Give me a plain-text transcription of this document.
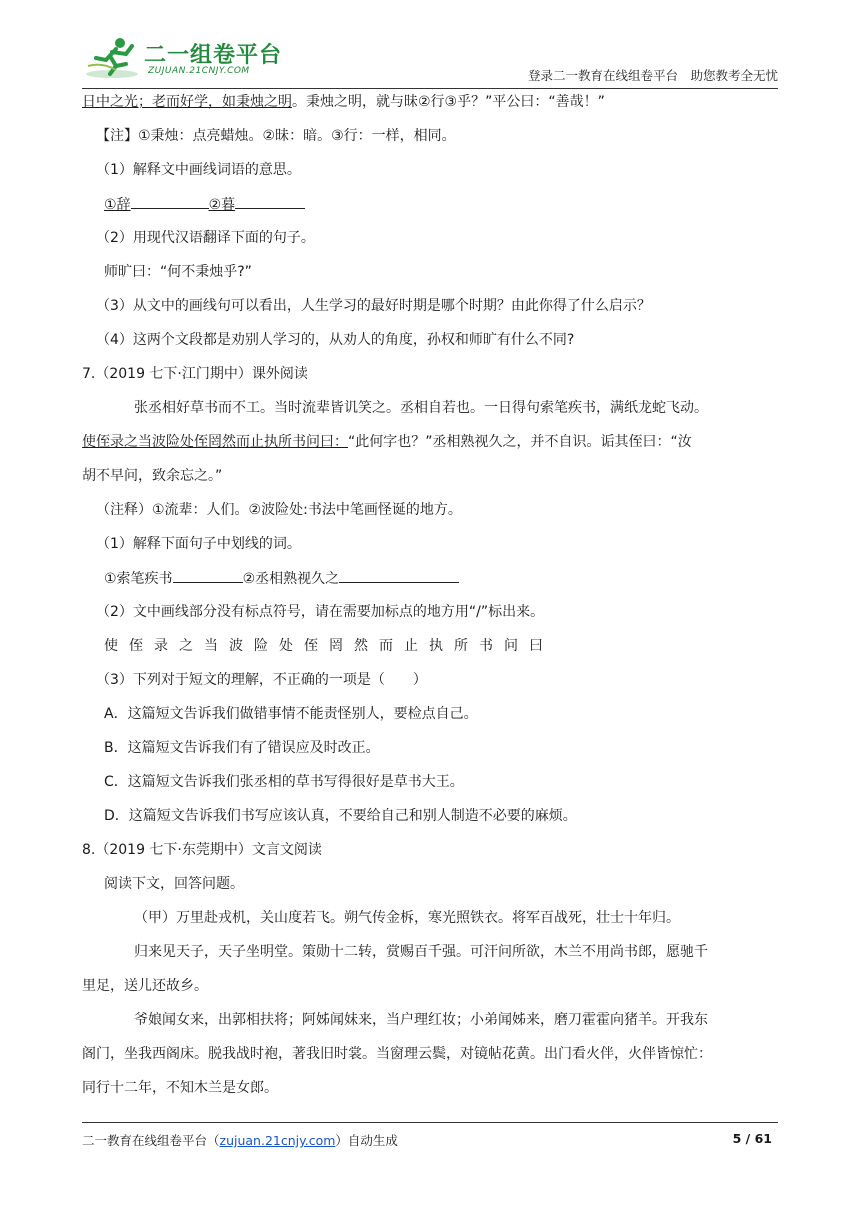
二一组卷平台
ZUJUAN.21CNJY.COM	登录二一教育在线组卷平台　助您教考全无忧
日中之光；老而好学，如秉烛之明。秉烛之明，就与昧②行③乎？”平公曰：“善哉！”
【注】①秉烛：点亮蜡烛。②昧：暗。③行：一样，相同。
（1）解释文中画线词语的意思。
①辞	②暮
（2）用现代汉语翻译下面的句子。
师旷曰：“何不秉烛乎?”
（3）从文中的画线句可以看出，人生学习的最好时期是哪个时期？由此你得了什么启示？
（4）这两个文段都是劝别人学习的，从劝人的角度，孙权和师旷有什么不同?
7.（2019 七下·江门期中）课外阅读
张丞相好草书而不工。当时流辈皆讥笑之。丞相自若也。一日得句索笔疾书，满纸龙蛇飞动。
使侄录之当波险处侄罔然而止执所书问曰：“此何字也？”丞相熟视久之，并不自识。诟其侄曰：“汝
胡不早问，致余忘之。”
（注释）①流辈：人们。②波险处:书法中笔画怪诞的地方。
（1）解释下面句子中划线的词。
①索笔疾书	②丞相熟视久之
（2）文中画线部分没有标点符号，请在需要加标点的地方用“/”标出来。
使侄录之当波险处侄罔然而止执所书问曰
（3）下列对于短文的理解，不正确的一项是（　　）
A．这篇短文告诉我们做错事情不能责怪别人，要检点自己。
B．这篇短文告诉我们有了错误应及时改正。
C．这篇短文告诉我们张丞相的草书写得很好是草书大王。
D．这篇短文告诉我们书写应该认真，不要给自己和别人制造不必要的麻烦。
8.（2019 七下·东莞期中）文言文阅读
阅读下文，回答问题。
（甲）万里赴戎机，关山度若飞。朔气传金柝，寒光照铁衣。将军百战死，壮士十年归。
归来见天子，天子坐明堂。策勋十二转，赏赐百千强。可汗问所欲，木兰不用尚书郎，愿驰千
里足，送儿还故乡。
爷娘闻女来，出郭相扶将；阿姊闻妹来，当户理红妆；小弟闻姊来，磨刀霍霍向猪羊。开我东
阁门，坐我西阁床。脱我战时袍，著我旧时裳。当窗理云鬓，对镜帖花黄。出门看火伴，火伴皆惊忙：
同行十二年，不知木兰是女郎。
二一教育在线组卷平台（zujuan.21cnjy.com）自动生成	5 / 61
